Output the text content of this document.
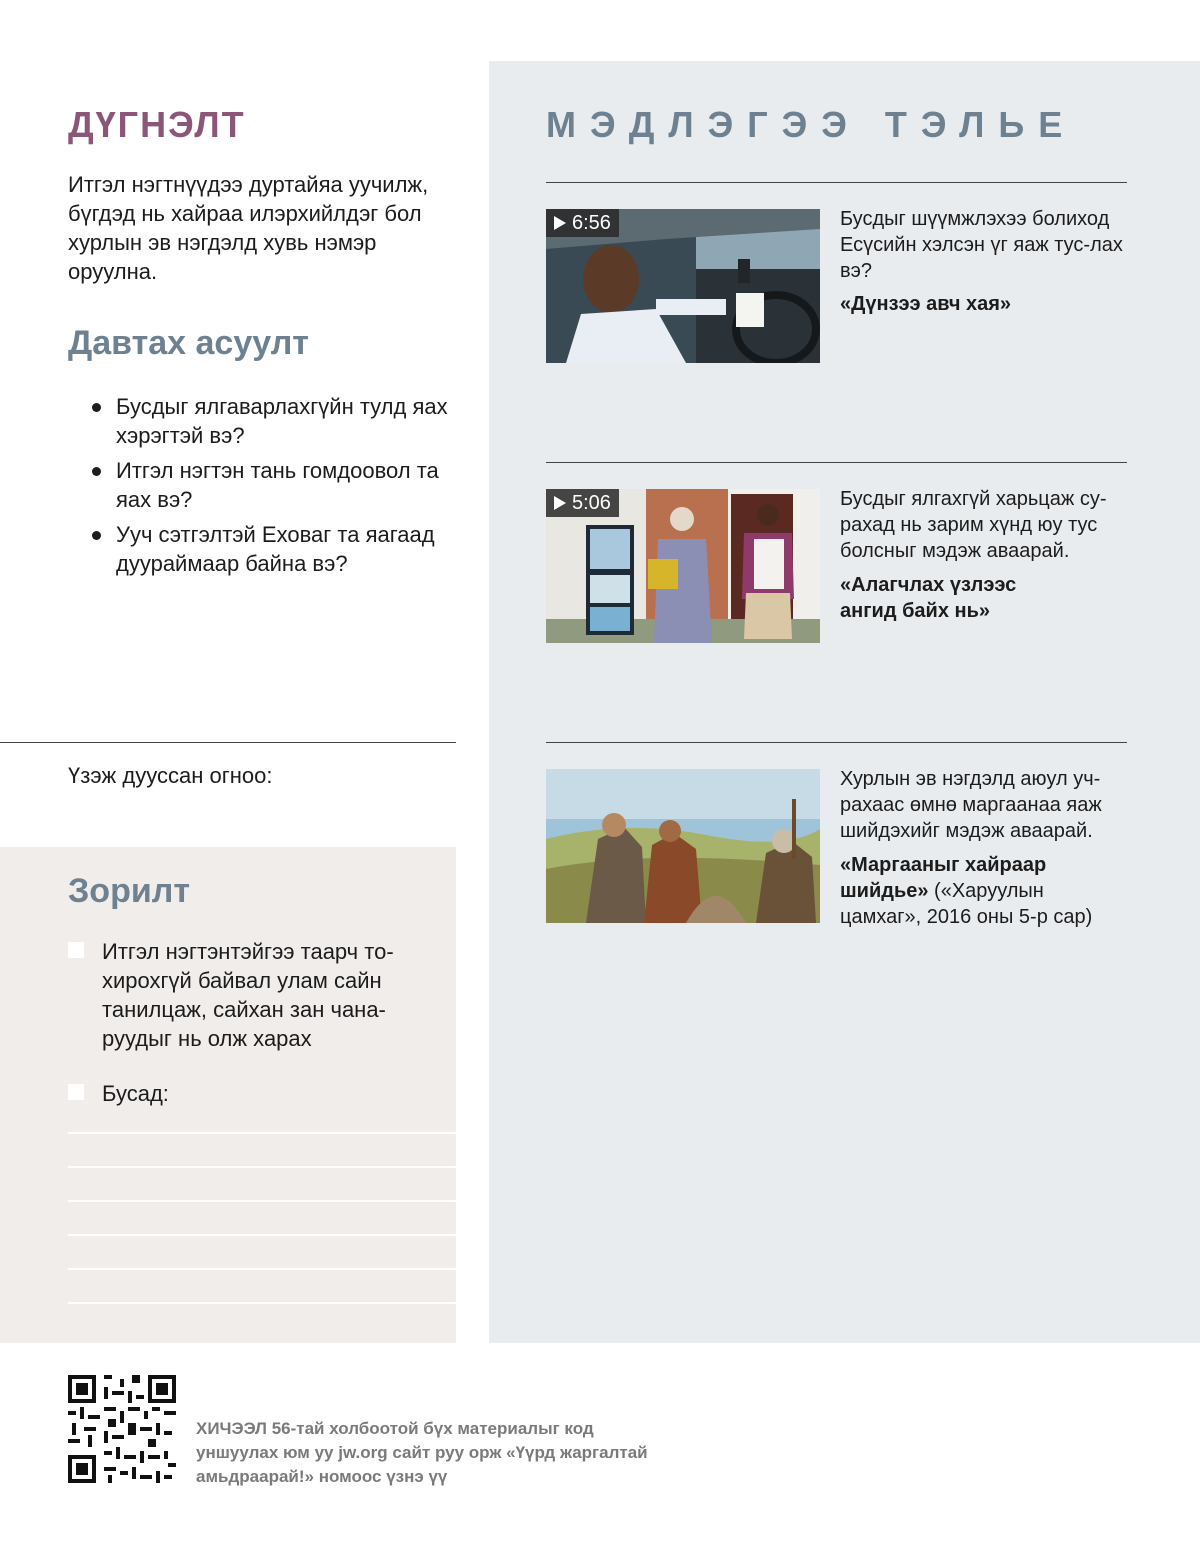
ДҮГНЭЛТ
Итгэл нэгтнүүдээ дуртайяа уучилж, бүгдэд нь хайраа илэрхийлдэг бол хурлын эв нэгдэлд хувь нэмэр оруулна.
Давтах асуулт
Бусдыг ялгаварлахгүйн тулд яах хэрэгтэй вэ?
Итгэл нэгтэн тань гомдоовол та яах вэ?
Ууч сэтгэлтэй Еховаг та яагаад дуураймаар байна вэ?
Үзэж дууссан огноо:
Зорилт
Итгэл нэгтэнтэйгээ таарч то-хирохгүй байвал улам сайн танилцаж, сайхан зан чана-руудыг нь олж харах
Бусад:
МЭДЛЭГЭЭ ТЭЛЬЕ
6:56	Бусдыг шүүмжлэхээ болиход Есүсийн хэлсэн үг яаж тус-лах вэ?
«Дүнзээ авч хая»
5:06	Бусдыг ялгахгүй харьцаж су-рахад нь зарим хүнд юу тус болсныг мэдэж аваарай.
«Алагчлах үзлээс ангид байх нь»
Хурлын эв нэгдэлд аюул уч-рахаас өмнө маргаанаа яаж шийдэхийг мэдэж аваарай.
«Маргааныг хайраар шийдье» («Харуулын цамхаг», 2016 оны 5-р сар)
ХИЧЭЭЛ 56-тай холбоотой бүх материалыг код уншуулах юм уу jw.org сайт руу орж «Үүрд жаргалтай амьдраарай!» номоос үзнэ үү
